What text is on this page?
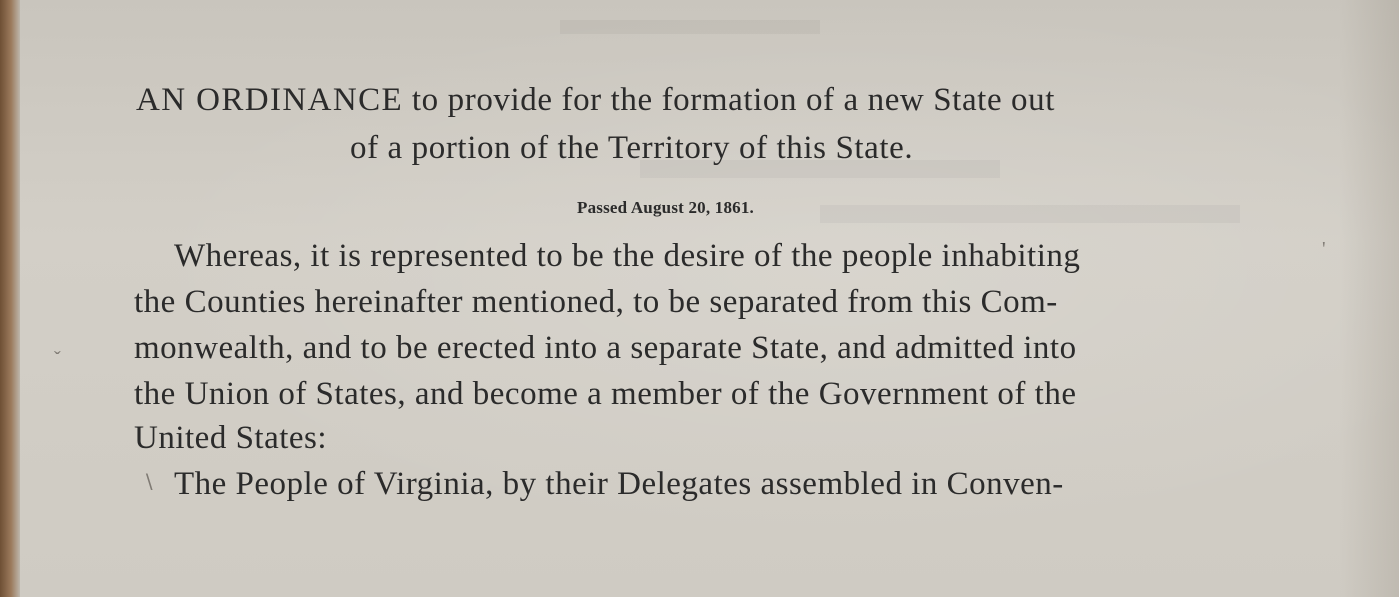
AN ORDINANCE to provide for the formation of a new State out
of a portion of the Territory of this State.
Passed August 20, 1861.
Whereas, it is represented to be the desire of the people inhabiting
the Counties hereinafter mentioned, to be separated from this Com-
monwealth, and to be erected into a separate State, and admitted into
the Union of States, and become a member of the Government of the
United States:
The People of Virginia, by their Delegates assembled in Conven-
ˇ
∖
'
